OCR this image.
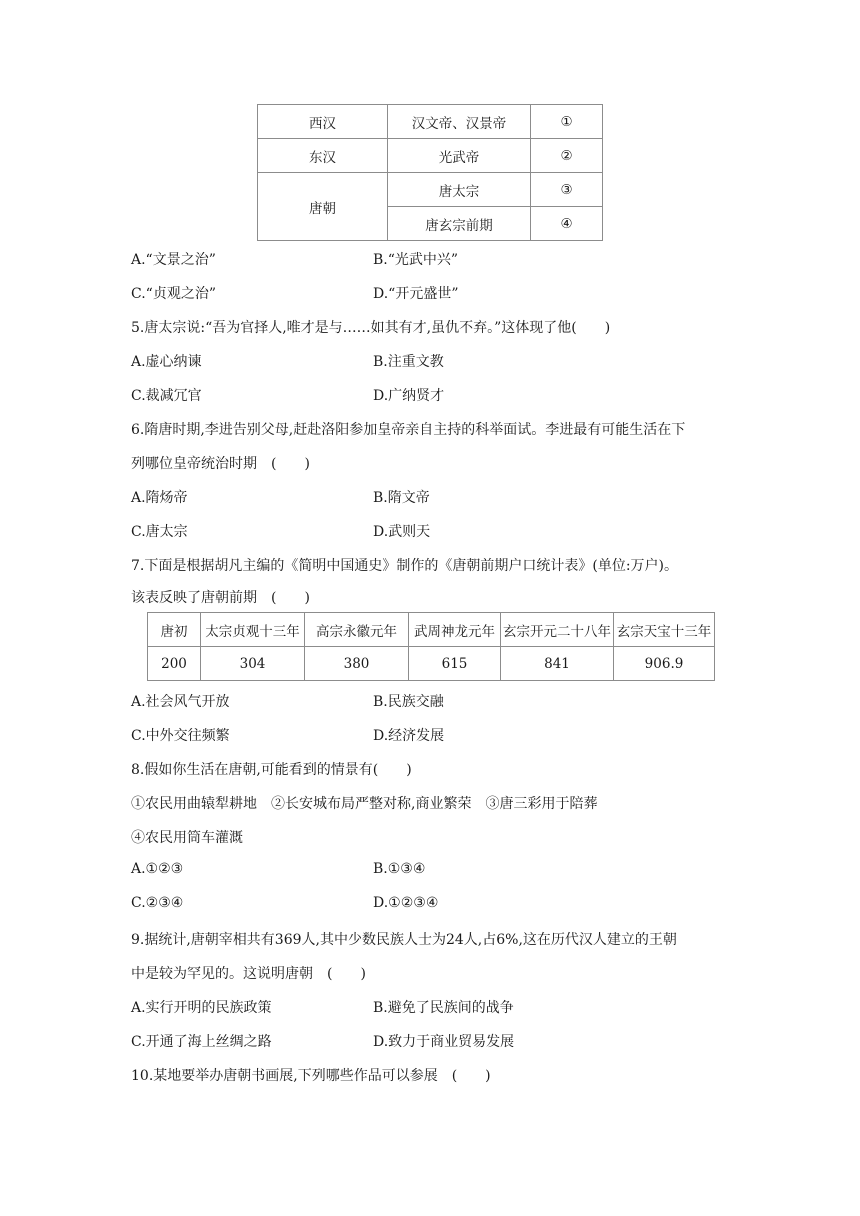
西汉	汉文帝、汉景帝	①
东汉	光武帝	②
唐朝	唐太宗	③
	唐玄宗前期	④
A.“文景之治”	B.“光武中兴”
C.“贞观之治”	D.“开元盛世”
5.唐太宗说:“吾为官择人,唯才是与……如其有才,虽仇不弃。”这体现了他(　　)
A.虚心纳谏	B.注重文教
C.裁减冗官	D.广纳贤才
6.隋唐时期,李进告别父母,赶赴洛阳参加皇帝亲自主持的科举面试。李进最有可能生活在下
列哪位皇帝统治时期　(　　)
A.隋炀帝	B.隋文帝
C.唐太宗	D.武则天
7.下面是根据胡凡主编的《简明中国通史》制作的《唐朝前期户口统计表》(单位:万户)。
该表反映了唐朝前期　(　　)
唐初	太宗贞观十三年	高宗永徽元年	武周神龙元年	玄宗开元二十八年	玄宗天宝十三年
200	304	380	615	841	906.9
A.社会风气开放	B.民族交融
C.中外交往频繁	D.经济发展
8.假如你生活在唐朝,可能看到的情景有(　　)
①农民用曲辕犁耕地　②长安城布局严整对称,商业繁荣　③唐三彩用于陪葬
④农民用筒车灌溉
A.①②③	B.①③④
C.②③④	D.①②③④
9.据统计,唐朝宰相共有369人,其中少数民族人士为24人,占6%,这在历代汉人建立的王朝
中是较为罕见的。这说明唐朝　(　　)
A.实行开明的民族政策	B.避免了民族间的战争
C.开通了海上丝绸之路	D.致力于商业贸易发展
10.某地要举办唐朝书画展,下列哪些作品可以参展　(　　)
